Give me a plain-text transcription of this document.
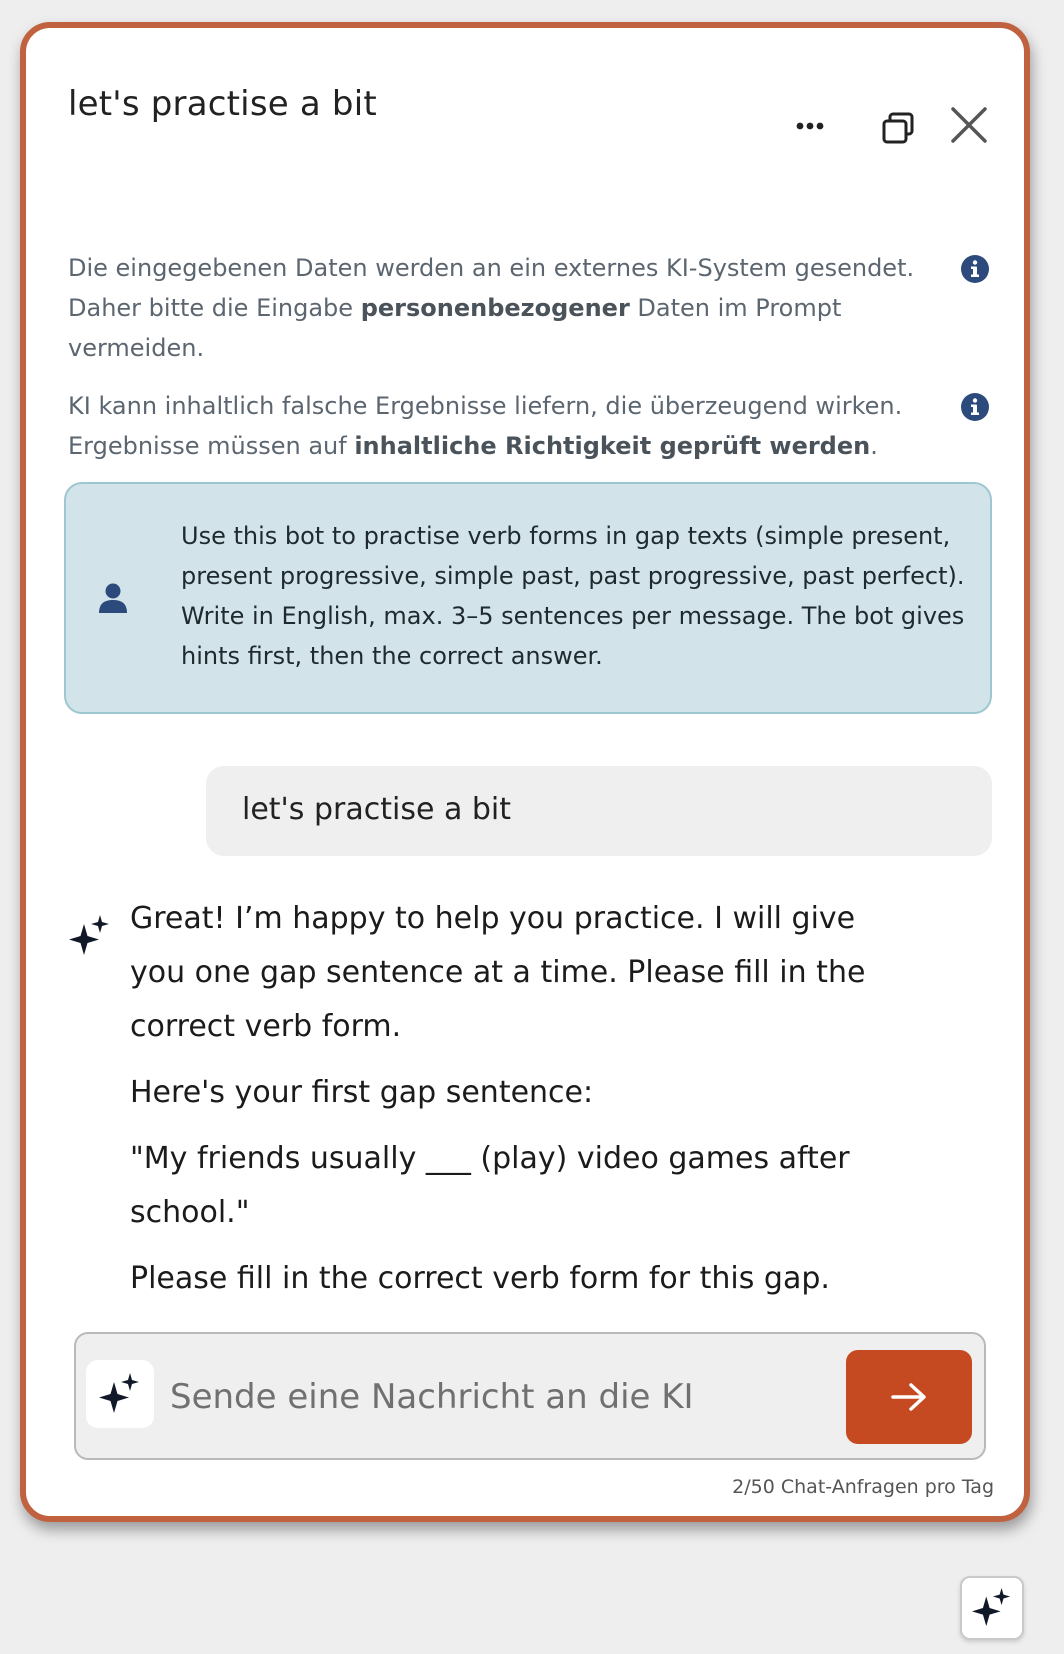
let's practise a bit
Die eingegebenen Daten werden an ein externes KI-System gesendet. Daher bitte die Eingabe personenbezogener Daten im Prompt vermeiden.
KI kann inhaltlich falsche Ergebnisse liefern, die überzeugend wirken. Ergebnisse müssen auf inhaltliche Richtigkeit geprüft werden.
Use this bot to practise verb forms in gap texts (simple present, present progressive, simple past, past progressive, past perfect). Write in English, max. 3–5 sentences per message. The bot gives hints first, then the correct answer.
let's practise a bit

Great! I’m happy to help you practice. I will give you one gap sentence at a time. Please fill in the correct verb form.

Here's your first gap sentence:

"My friends usually ___ (play) video games after school."

Please fill in the correct verb form for this gap.

Sende eine Nachricht an die KI
2/50 Chat-Anfragen pro Tag
